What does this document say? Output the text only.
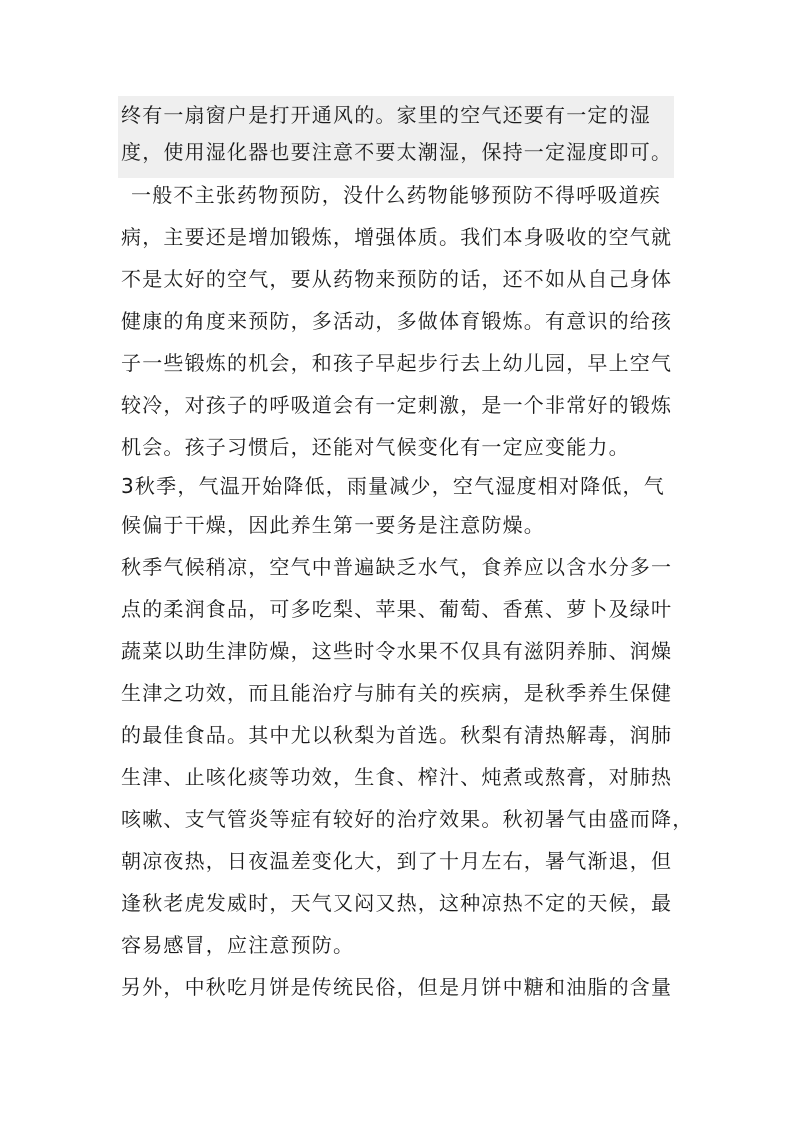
终有一扇窗户是打开通风的。家里的空气还要有一定的湿
度，使用湿化器也要注意不要太潮湿，保持一定湿度即可。
一般不主张药物预防，没什么药物能够预防不得呼吸道疾
病，主要还是增加锻炼，增强体质。我们本身吸收的空气就
不是太好的空气，要从药物来预防的话，还不如从自己身体
健康的角度来预防，多活动，多做体育锻炼。有意识的给孩
子一些锻炼的机会，和孩子早起步行去上幼儿园，早上空气
较冷，对孩子的呼吸道会有一定刺激，是一个非常好的锻炼
机会。孩子习惯后，还能对气候变化有一定应变能力。
3秋季，气温开始降低，雨量减少，空气湿度相对降低，气
候偏于干燥，因此养生第一要务是注意防燥。
秋季气候稍凉，空气中普遍缺乏水气，食养应以含水分多一
点的柔润食品，可多吃梨、苹果、葡萄、香蕉、萝卜及绿叶
蔬菜以助生津防燥，这些时令水果不仅具有滋阴养肺、润燥
生津之功效，而且能治疗与肺有关的疾病，是秋季养生保健
的最佳食品。其中尤以秋梨为首选。秋梨有清热解毒，润肺
生津、止咳化痰等功效，生食、榨汁、炖煮或熬膏，对肺热
咳嗽、支气管炎等症有较好的治疗效果。秋初暑气由盛而降，
朝凉夜热，日夜温差变化大，到了十月左右，暑气渐退，但
逢秋老虎发威时，天气又闷又热，这种凉热不定的天候，最
容易感冒，应注意预防。
另外，中秋吃月饼是传统民俗，但是月饼中糖和油脂的含量
